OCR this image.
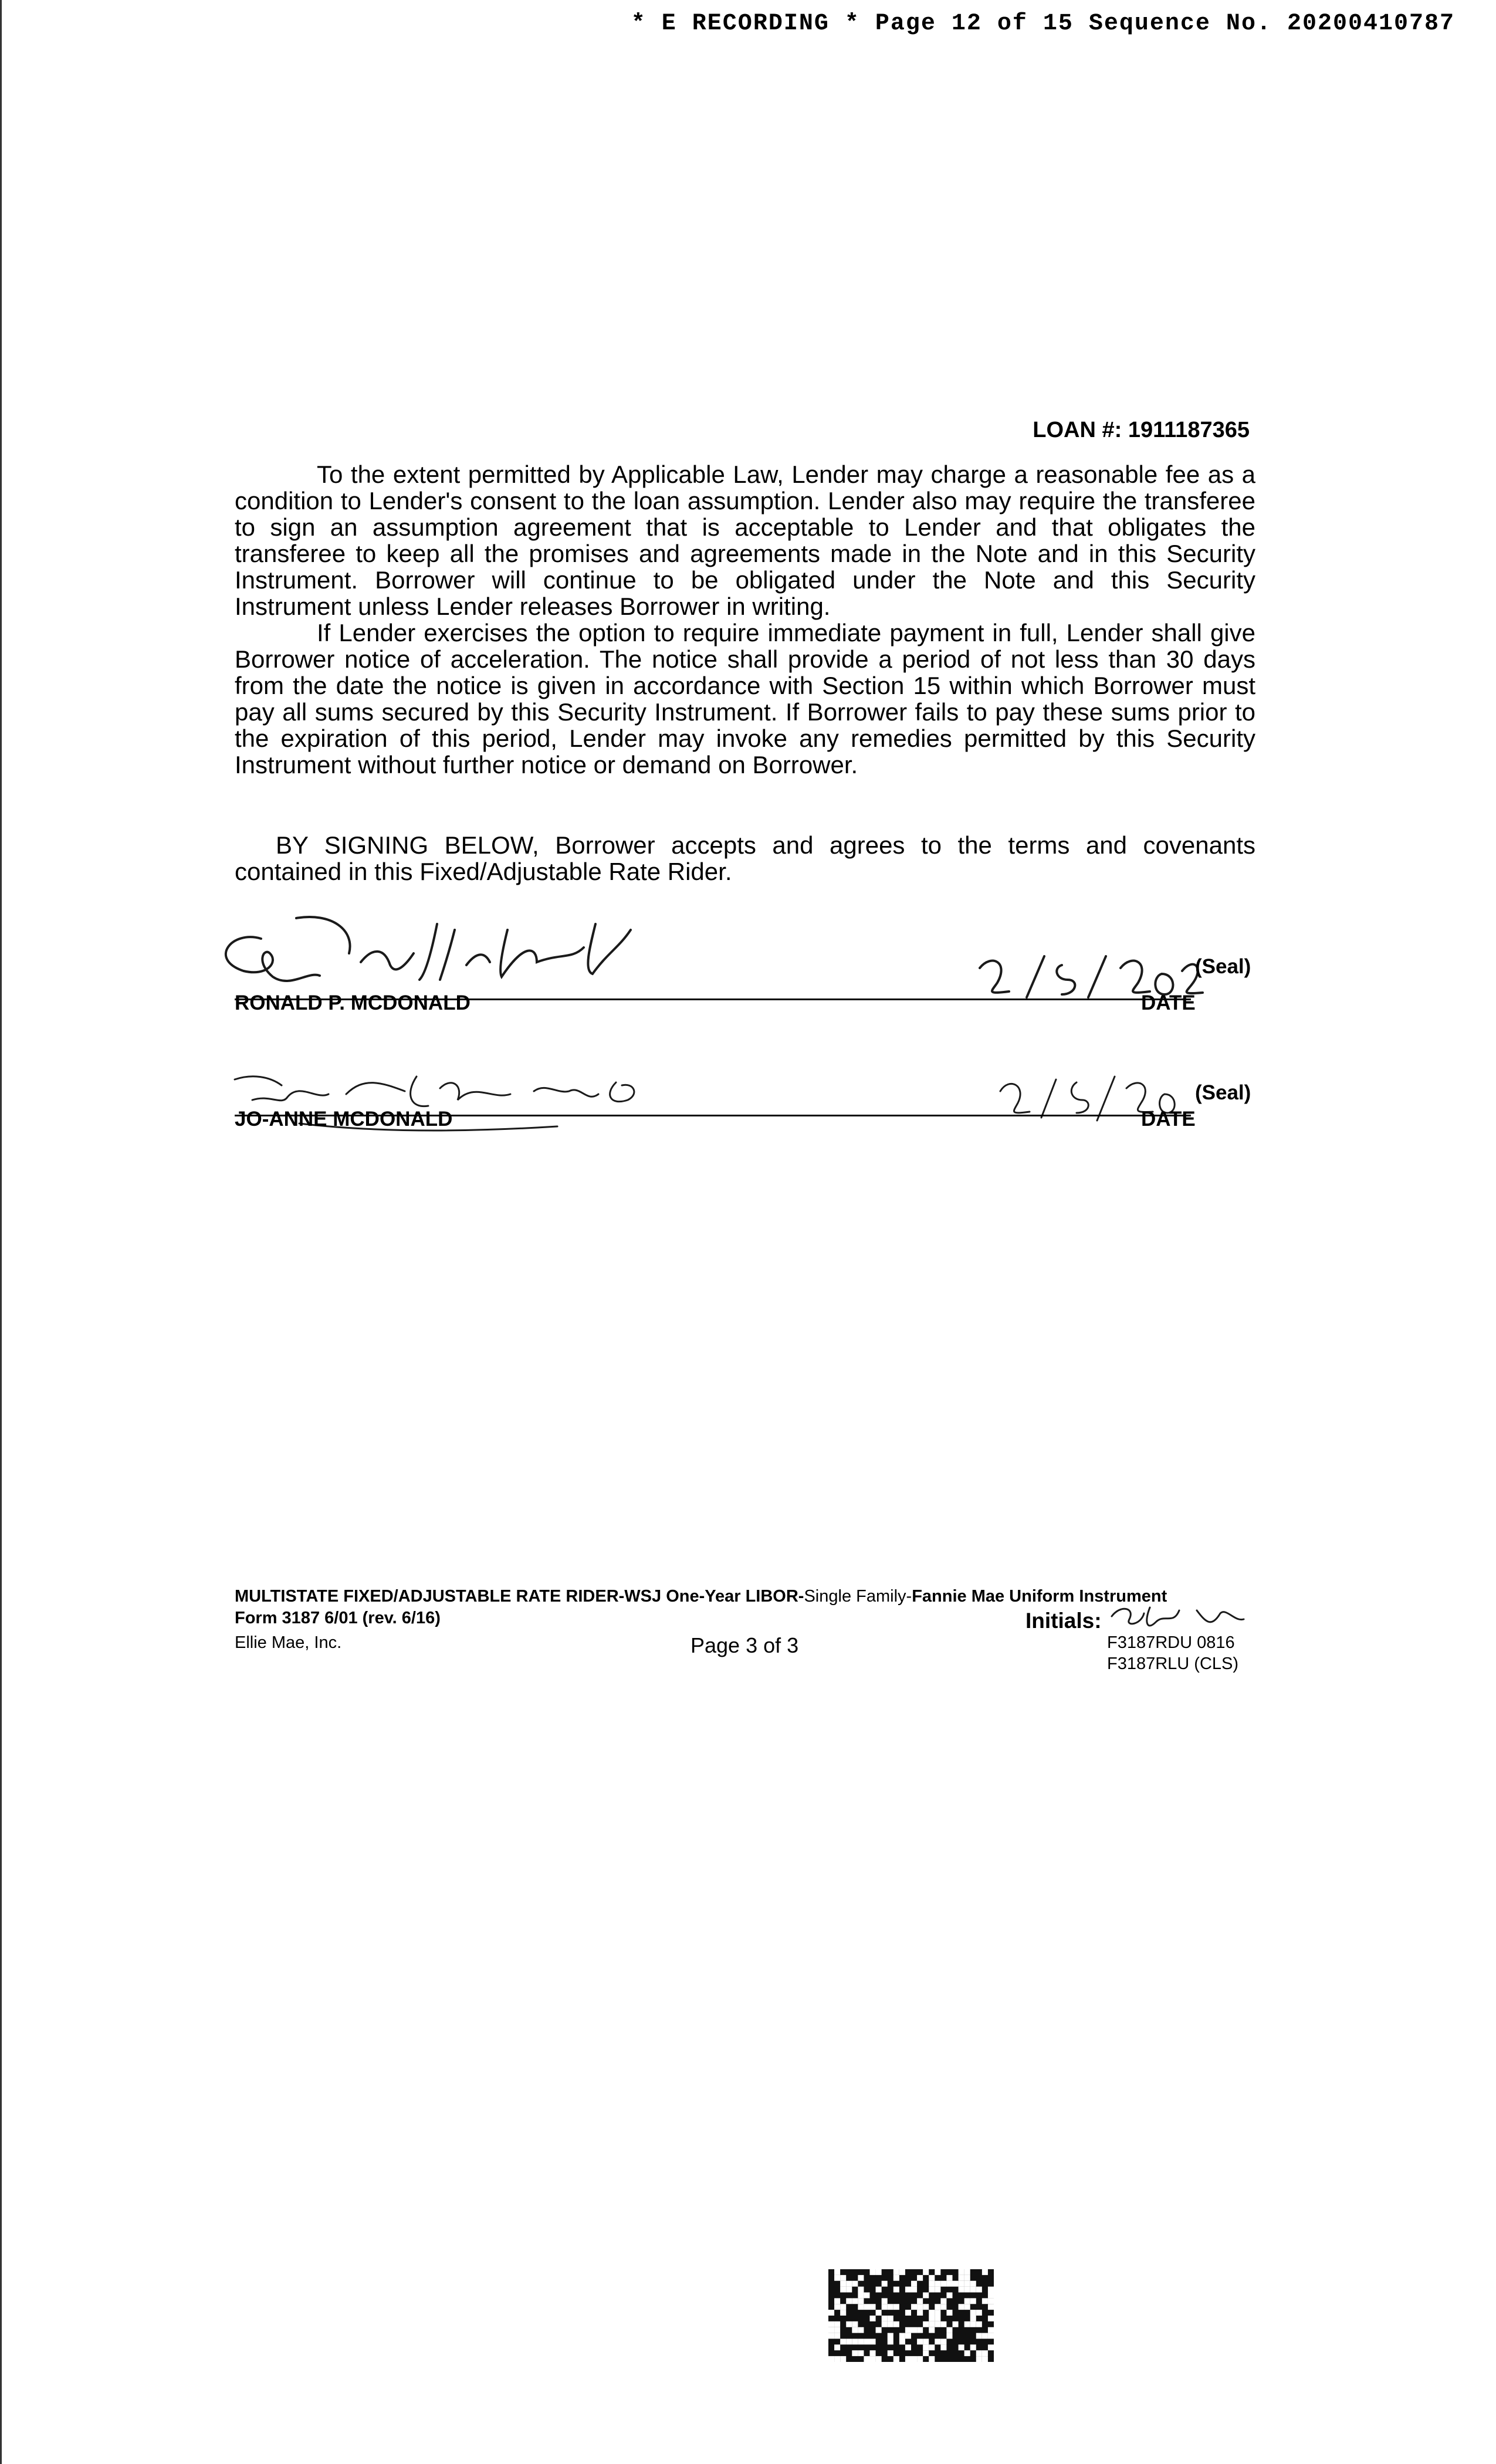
* E RECORDING * Page 12 of 15 Sequence No. 20200410787
LOAN #: 1911187365

To the extent permitted by Applicable Law, Lender may charge a reasonable fee as a condition to Lender's consent to the loan assumption. Lender also may require the transferee to sign an assumption agreement that is acceptable to Lender and that obligates the transferee to keep all the promises and agreements made in the Note and in this Security Instrument. Borrower will continue to be obligated under the Note and this Security Instrument unless Lender releases Borrower in writing.

If Lender exercises the option to require immediate payment in full, Lender shall give Borrower notice of acceleration. The notice shall provide a period of not less than 30 days from the date the notice is given in accordance with Section 15 within which Borrower must pay all sums secured by this Security Instrument. If Borrower fails to pay these sums prior to the expiration of this period, Lender may invoke any remedies permitted by this Security Instrument without further notice or demand on Borrower.

BY SIGNING BELOW, Borrower accepts and agrees to the terms and covenants contained in this Fixed/Adjustable Rate Rider.

RONALD P. MCDONALD
(Seal)
DATE
JO-ANNE MCDONALD
(Seal)
DATE
MULTISTATE FIXED/ADJUSTABLE RATE RIDER-WSJ One-Year LIBOR-Single Family-Fannie Mae Uniform Instrument
Form 3187 6/01 (rev. 6/16)
Ellie Mae, Inc.	Page 3 of 3
Initials:
F3187RDU 0816
F3187RLU (CLS)
